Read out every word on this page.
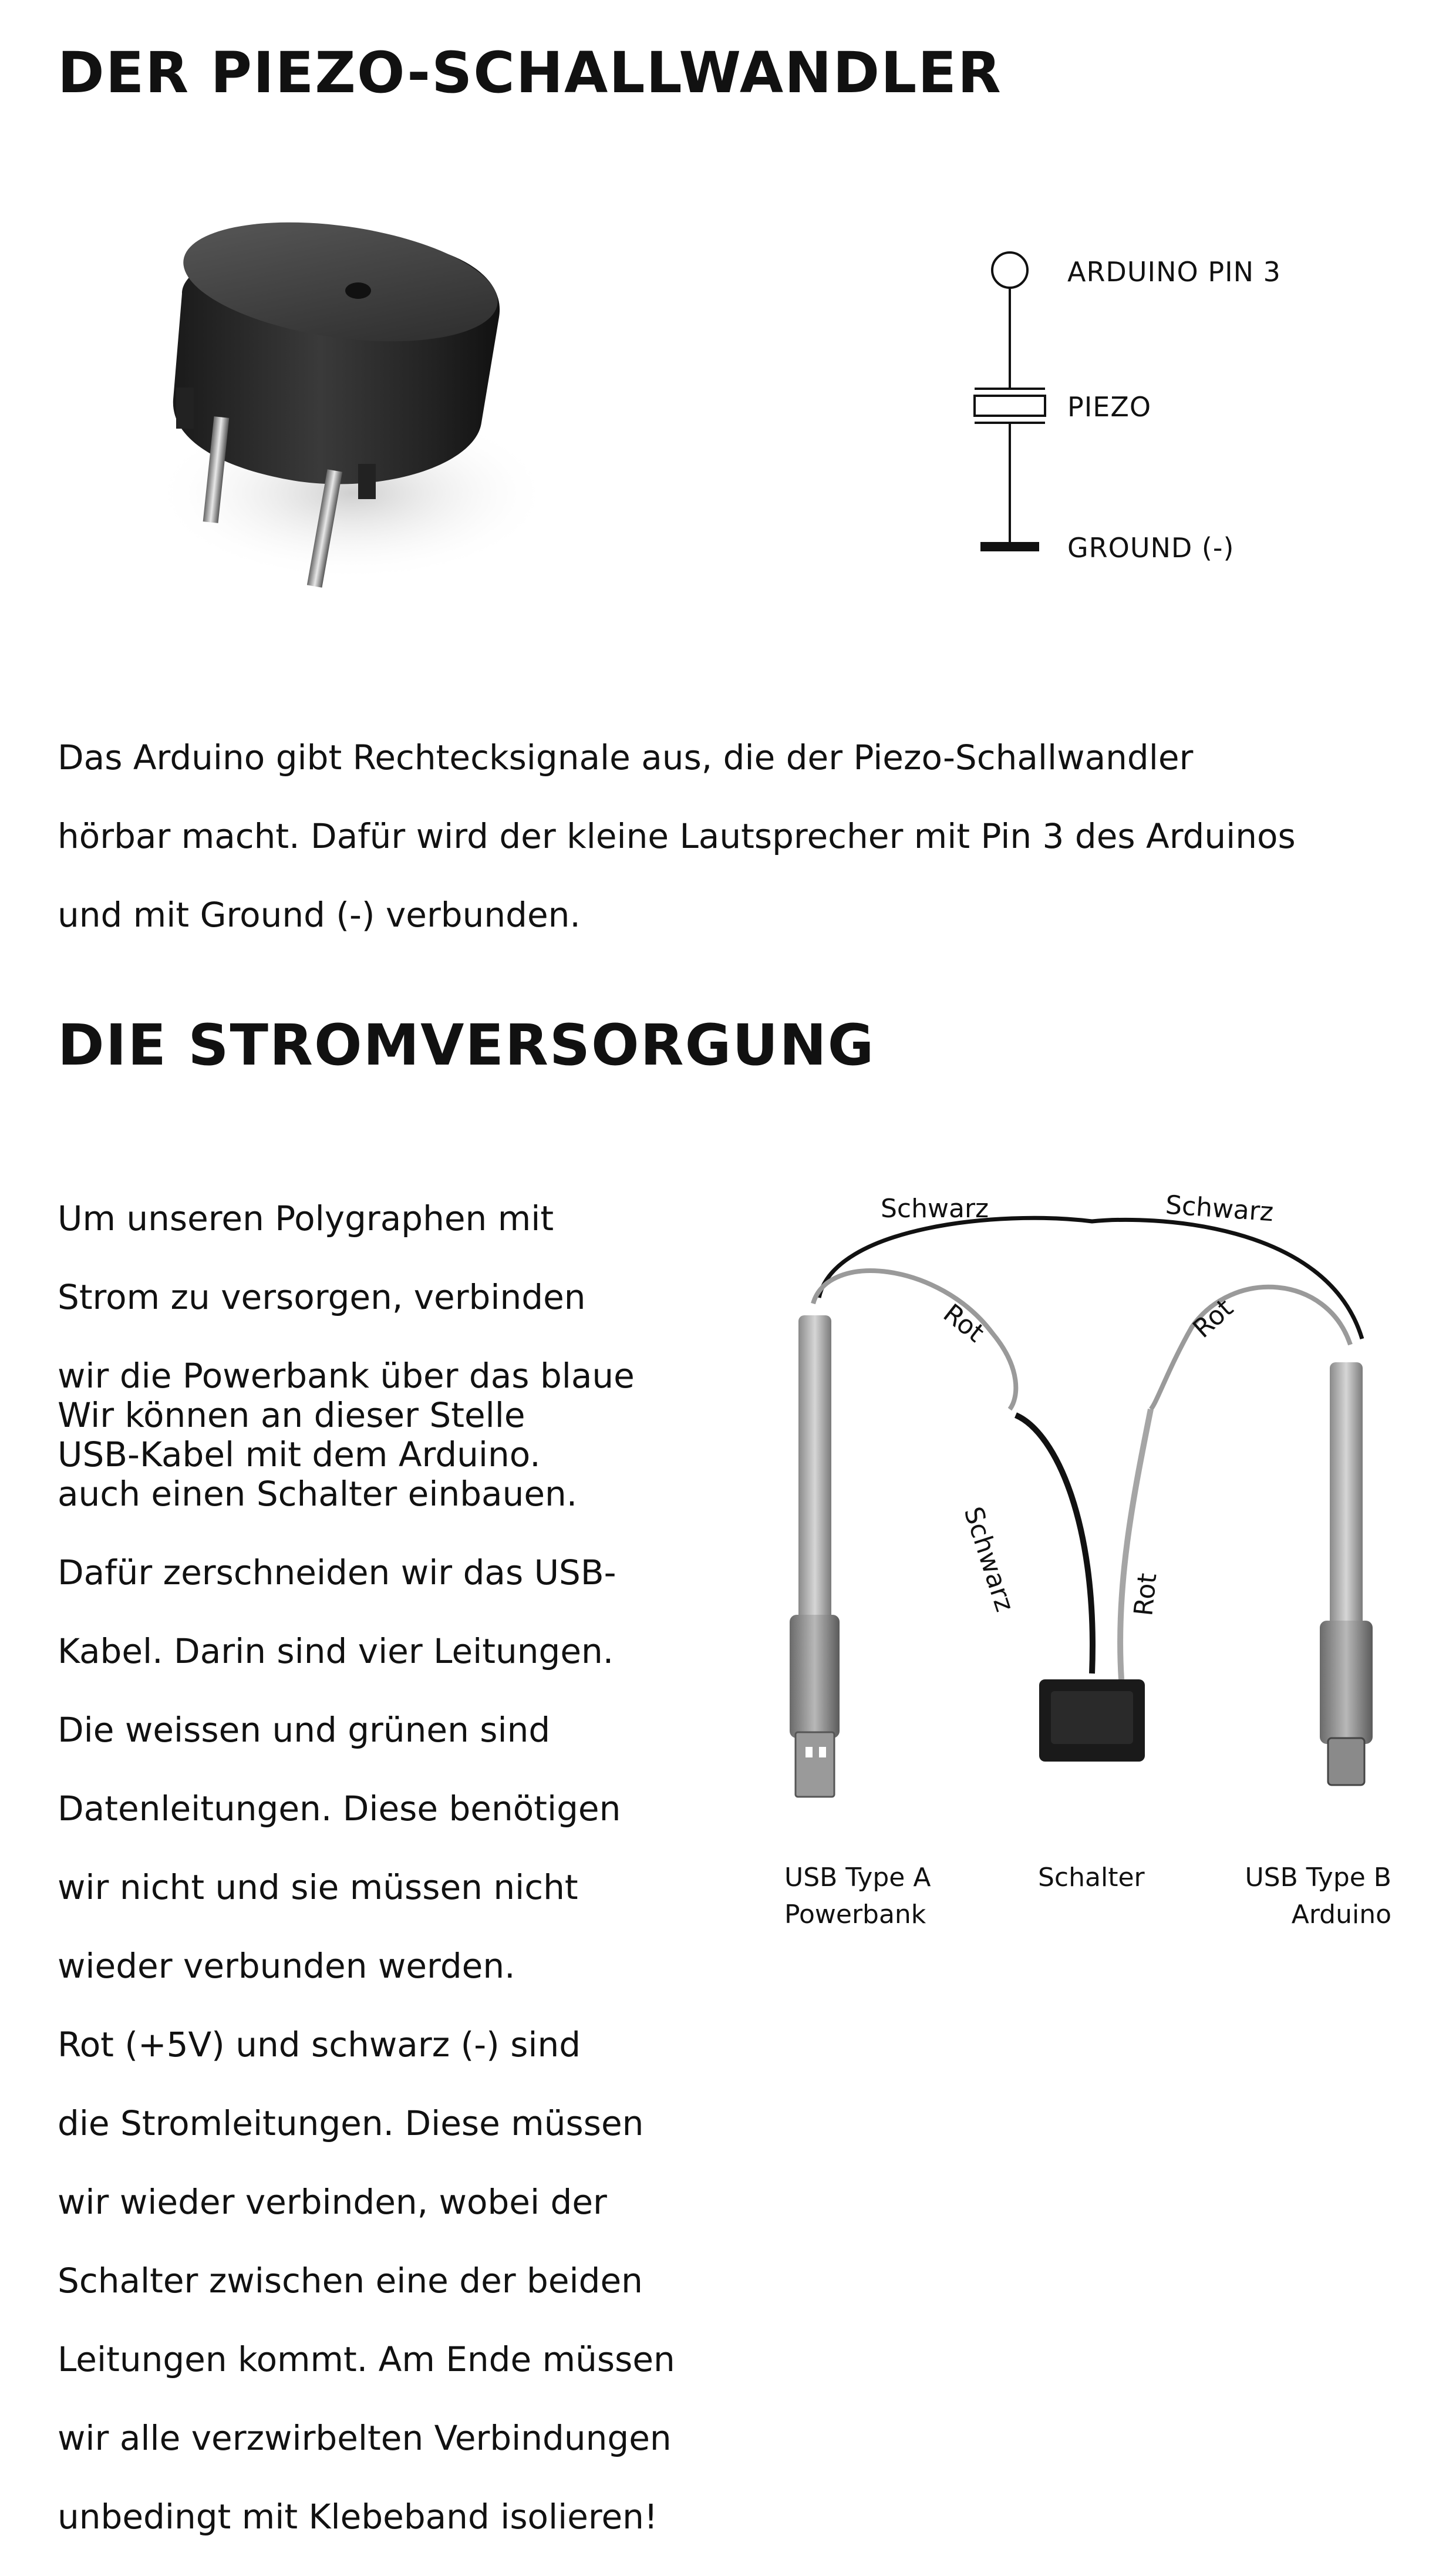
DER PIEZO-SCHALLWANDLER
ARDUINO PIN 3
PIEZO
GROUND (-)

Das Arduino gibt Rechtecksignale aus, die der Piezo-Schallwandler

hörbar macht. Dafür wird der kleine Lautsprecher mit Pin 3 des Arduinos

und mit Ground (-) verbunden.

DIE STROMVERSORGUNG

Um unseren Polygraphen mit

Strom zu versorgen, verbinden

wir die Powerbank über das blaue

USB-Kabel mit dem Arduino.

Wir können an dieser Stelle

auch einen Schalter einbauen.

Dafür zerschneiden wir das USB-

Kabel. Darin sind vier Leitungen.

Die weissen und grünen sind

Datenleitungen. Diese benötigen

wir nicht und sie müssen nicht

wieder verbunden werden.

Rot (+5V) und schwarz (-) sind

die Stromleitungen. Diese müssen

wir wieder verbinden, wobei der

Schalter zwischen eine der beiden

Leitungen kommt. Am Ende müssen

wir alle verzwirbelten Verbindungen

unbedingt mit Klebeband isolieren!

Schwarz	Schwarz
Rot	Rot
Schwarz	Rot
USB Type A
Powerbank
Schalter	USB Type B
Arduino
